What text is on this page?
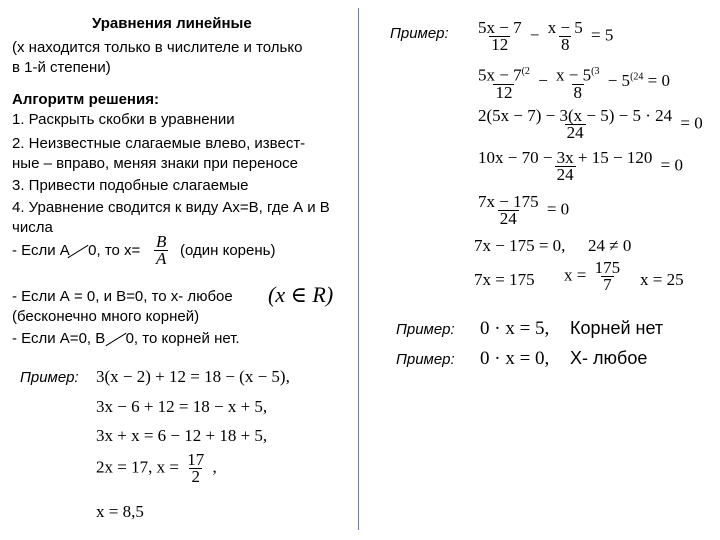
Уравнения линейные
(х находится только в числителе и только
в 1-й степени)
Алгоритм решения:
1. Раскрыть скобки в уравнении
2. Неизвестные слагаемые влево, извест-
ные – вправо, меняя знаки при переносе
3. Привести подобные слагаемые
4. Уравнение сводится к виду Ах=В, где А и В
числа
- Если А 0, то $х= \frac{B}{A}$ (один корень)
- Если А = 0, и В=0, то х- любое (x ∈ R)
(бесконечно много корней)
- Если А=0, В 0, то корней нет.
Пример: 3(x − 2) + 12 = 18 − (x − 5),
3x − 6 + 12 = 18 − x + 5,
3x + x = 6 − 12 + 18 + 5,
2x = 17, $x = \frac{17}{2}$ ,
x = 8,5
Пример: $\frac{5x - 7}{12} - \frac{x - 5}{8} = 5$
$\frac{5x - 7^{(2}}{12} - \frac{x - 5^{(3}}{8} - 5^{(24} = 0$
$\frac{2(5x - 7) - 3(x - 5) - 5 \cdot 24}{24} = 0$
$\frac{10x - 70 - 3x + 15 - 120}{24} = 0$
$\frac{7x - 175}{24} = 0$
7x − 175 = 0, 24 ≠ 0
7x = 175 $x = \frac{175}{7}$ x = 25
Пример: 0 · x = 5, Корней нет
Пример: 0 · x = 0, Х- любое
